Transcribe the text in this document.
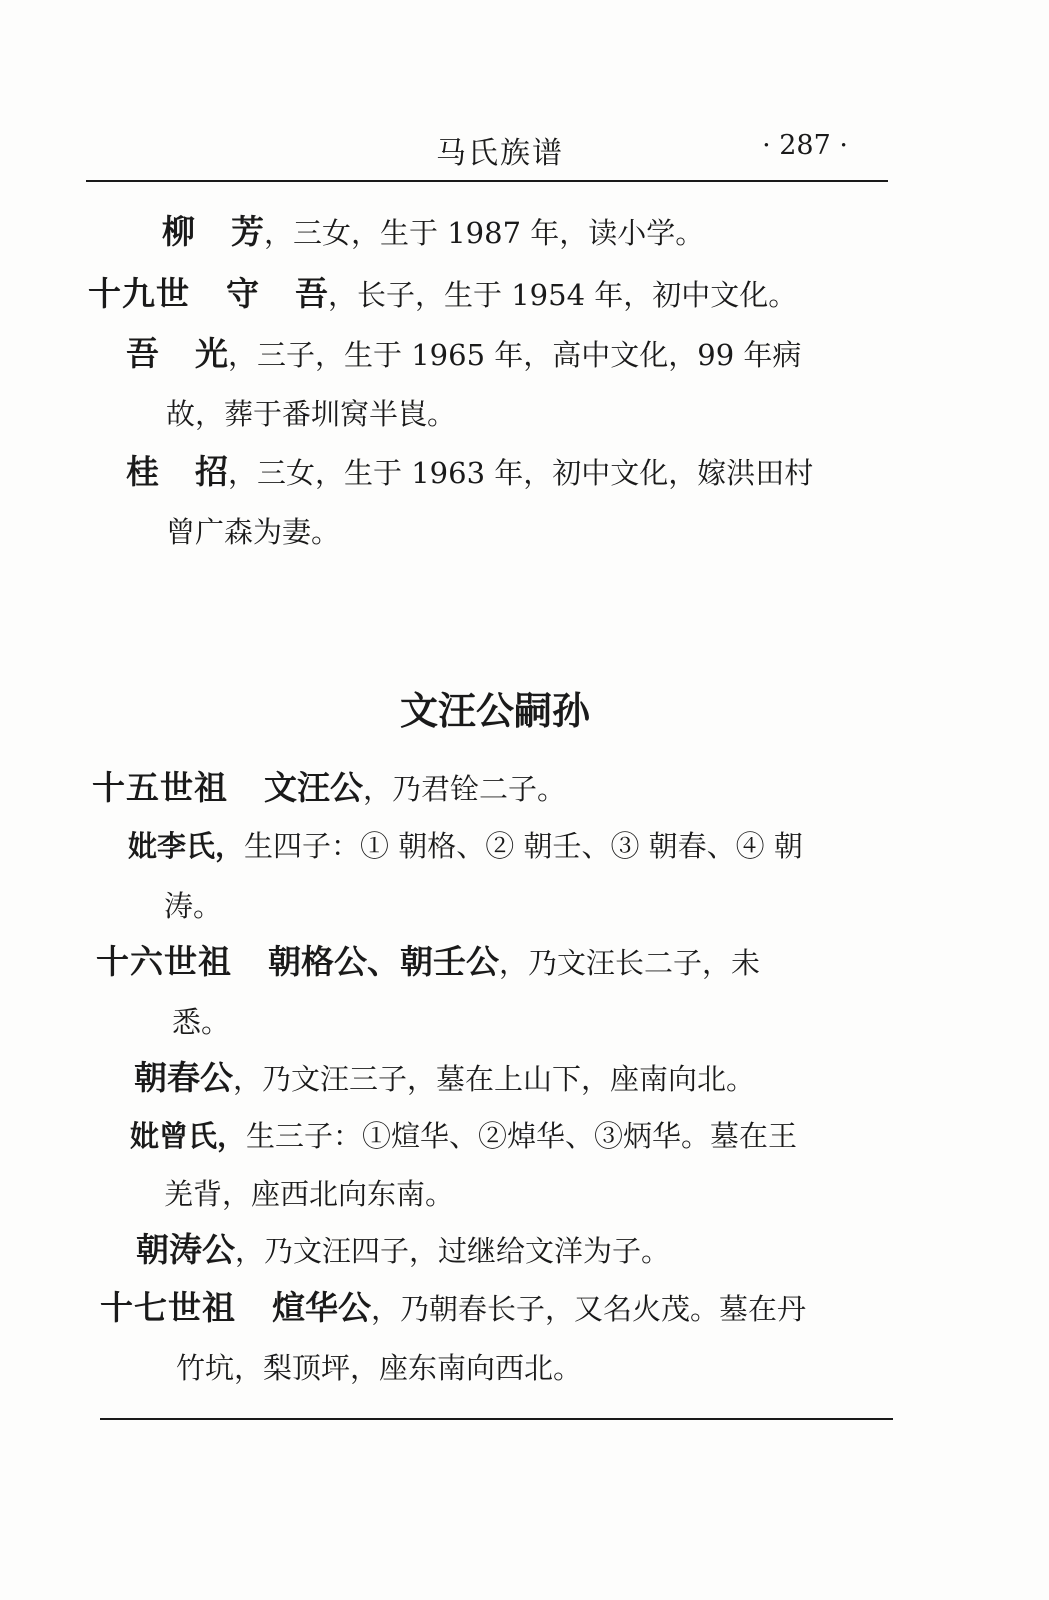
马氏族谱	· 287 ·
柳芳，三女，生于 1987 年，读小学。
十九世 守吾，长子，生于 1954 年，初中文化。
吾光，三子，生于 1965 年，高中文化，99 年病
故，葬于番圳窝半崀。
桂招，三女，生于 1963 年，初中文化，嫁洪田村
曾广森为妻。
文汪公嗣孙
十五世祖 文汪公，乃君铨二子。
妣李氏，生四子：① 朝格、② 朝壬、③ 朝春、④ 朝
涛。
十六世祖 朝格公、朝壬公，乃文汪长二子，未
悉。
朝春公，乃文汪三子，墓在上山下，座南向北。
妣曾氏，生三子：①煊华、②焯华、③炳华。墓在王
羌背，座西北向东南。
朝涛公，乃文汪四子，过继给文洋为子。
十七世祖 煊华公，乃朝春长子，又名火茂。墓在丹
竹坑，梨顶坪，座东南向西北。
